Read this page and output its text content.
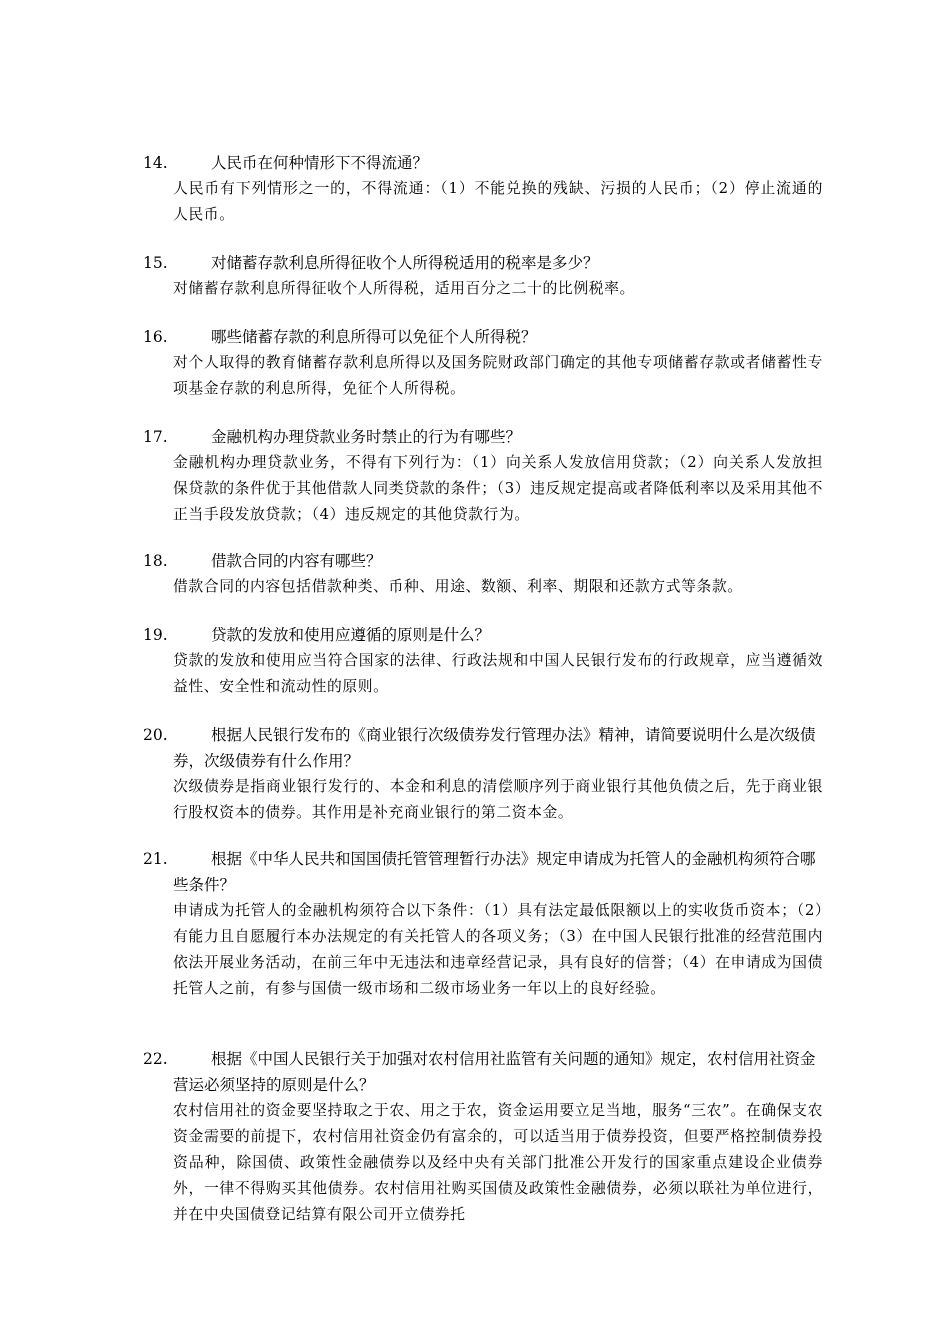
14.	人民币在何种情形下不得流通？
人民币有下列情形之一的，不得流通：（1）不能兑换的残缺、污损的人民币；（2）停止流通的人民币。
15.	对储蓄存款利息所得征收个人所得税适用的税率是多少？
对储蓄存款利息所得征收个人所得税，适用百分之二十的比例税率。
16.	哪些储蓄存款的利息所得可以免征个人所得税？
对个人取得的教育储蓄存款利息所得以及国务院财政部门确定的其他专项储蓄存款或者储蓄性专项基金存款的利息所得，免征个人所得税。
17.	金融机构办理贷款业务时禁止的行为有哪些？
金融机构办理贷款业务，不得有下列行为：（1）向关系人发放信用贷款；（2）向关系人发放担保贷款的条件优于其他借款人同类贷款的条件；（3）违反规定提高或者降低利率以及采用其他不正当手段发放贷款；（4）违反规定的其他贷款行为。
18.	借款合同的内容有哪些？
借款合同的内容包括借款种类、币种、用途、数额、利率、期限和还款方式等条款。
19.	贷款的发放和使用应遵循的原则是什么？
贷款的发放和使用应当符合国家的法律、行政法规和中国人民银行发布的行政规章，应当遵循效益性、安全性和流动性的原则。
20.	根据人民银行发布的《商业银行次级债券发行管理办法》精神，请简要说明什么是次级债券，次级债券有什么作用？
次级债券是指商业银行发行的、本金和利息的清偿顺序列于商业银行其他负债之后，先于商业银行股权资本的债券。其作用是补充商业银行的第二资本金。
21.	根据《中华人民共和国国债托管管理暂行办法》规定申请成为托管人的金融机构须符合哪些条件？
申请成为托管人的金融机构须符合以下条件：（1）具有法定最低限额以上的实收货币资本；（2）有能力且自愿履行本办法规定的有关托管人的各项义务；（3）在中国人民银行批准的经营范围内依法开展业务活动，在前三年中无违法和违章经营记录，具有良好的信誉；（4）在申请成为国债托管人之前，有参与国债一级市场和二级市场业务一年以上的良好经验。
22.	根据《中国人民银行关于加强对农村信用社监管有关问题的通知》规定，农村信用社资金营运必须坚持的原则是什么？
农村信用社的资金要坚持取之于农、用之于农，资金运用要立足当地，服务“三农”。在确保支农资金需要的前提下，农村信用社资金仍有富余的，可以适当用于债券投资，但要严格控制债券投资品种，除国债、政策性金融债券以及经中央有关部门批准公开发行的国家重点建设企业债券外，一律不得购买其他债券。农村信用社购买国债及政策性金融债券，必须以联社为单位进行，并在中央国债登记结算有限公司开立债券托
